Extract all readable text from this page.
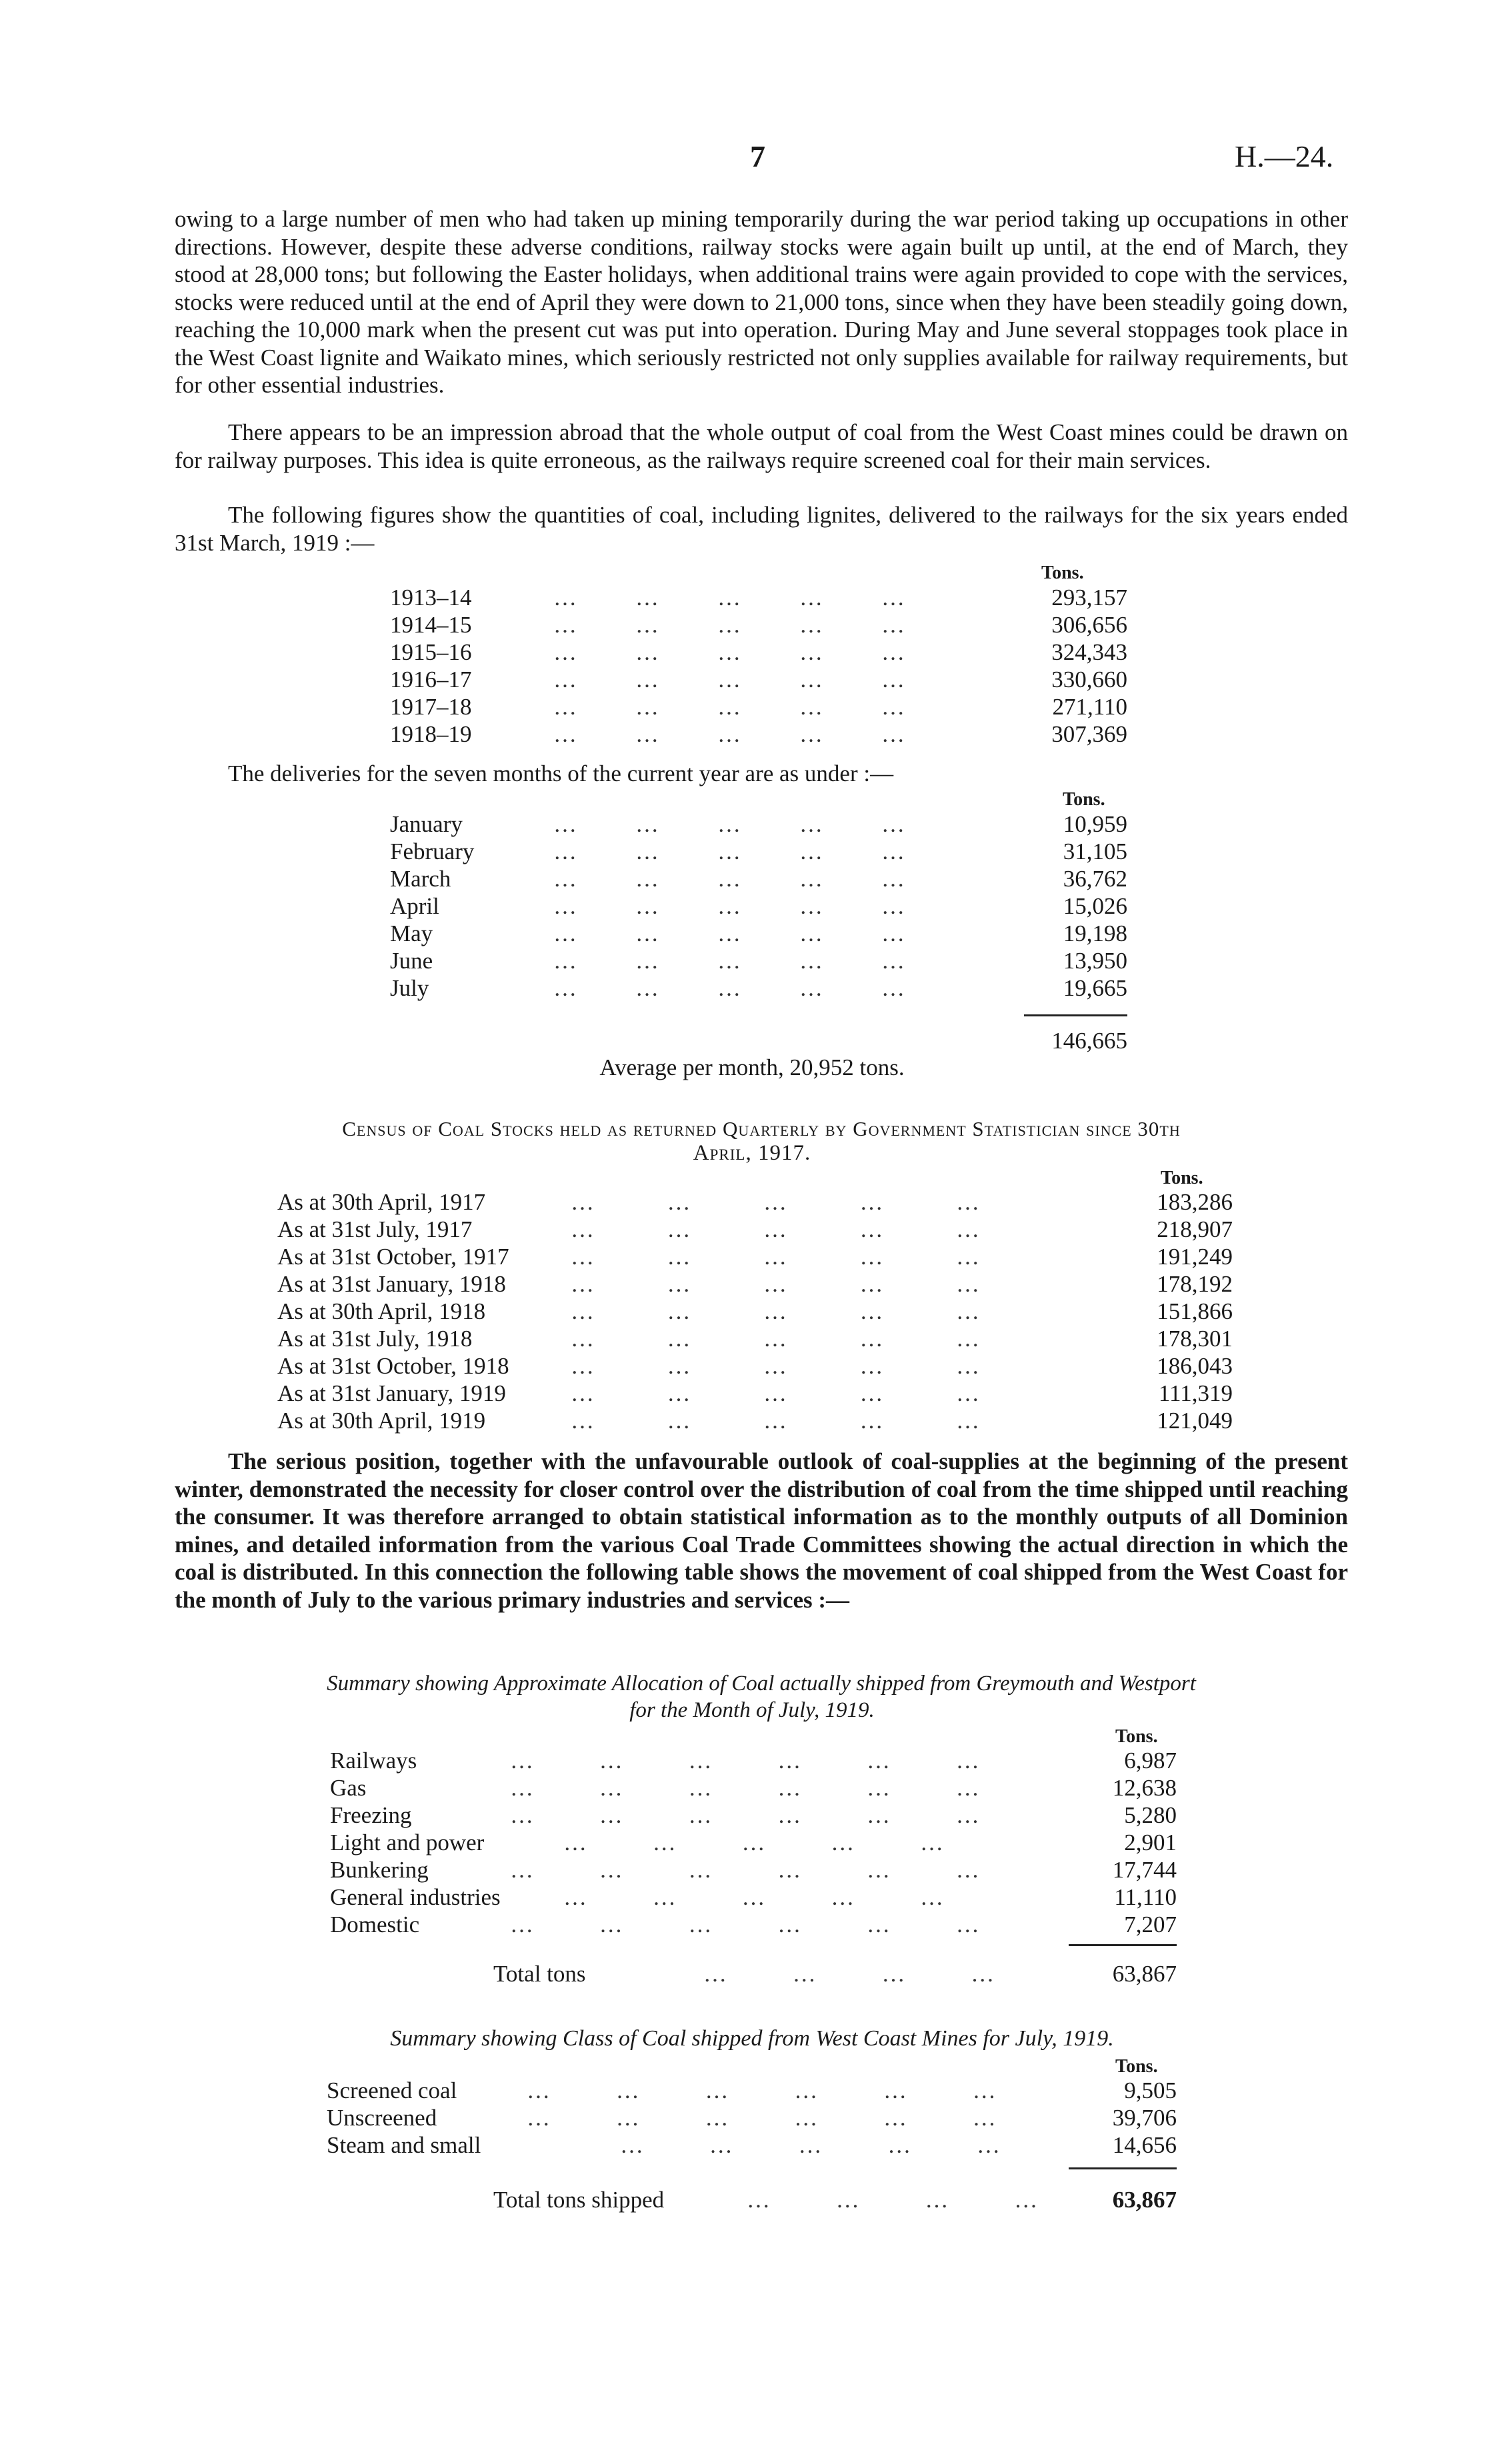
7	H.—24.

owing to a large number of men who had taken up mining temporarily during the war period taking up occupations in other directions. However, despite these adverse conditions, railway stocks were again built up until, at the end of March, they stood at 28,000 tons; but following the Easter holidays, when additional trains were again provided to cope with the services, stocks were reduced until at the end of April they were down to 21,000 tons, since when they have been steadily going down, reaching the 10,000 mark when the present cut was put into operation. During May and June several stoppages took place in the West Coast lignite and Waikato mines, which seriously restricted not only supplies available for railway requirements, but for other essential industries.

There appears to be an impression abroad that the whole output of coal from the West Coast mines could be drawn on for railway purposes. This idea is quite erroneous, as the railways require screened coal for their main services.

The following figures show the quantities of coal, including lignites, delivered to the railways for the six years ended 31st March, 1919 :—

Tons.
1913–14	…        …        …        …        …	293,157
1914–15	…        …        …        …        …	306,656
1915–16	…        …        …        …        …	324,343
1916–17	…        …        …        …        …	330,660
1917–18	…        …        …        …        …	271,110
1918–19	…        …        …        …        …	307,369

The deliveries for the seven months of the current year are as under :—

Tons.
January	…        …        …        …        …	10,959
February	…        …        …        …        …	31,105
March	…        …        …        …        …	36,762
April	…        …        …        …        …	15,026
May	…        …        …        …        …	19,198
June	…        …        …        …        …	13,950
July	…        …        …        …        …	19,665
146,665
Average per month, 20,952 tons.
Census of Coal Stocks held as returned Quarterly by Government Statistician since 30th
April, 1917.
Tons.
As at 30th April, 1917	…          …          …          …          …	183,286
As at 31st July, 1917	…          …          …          …          …	218,907
As at 31st October, 1917	…          …          …          …          …	191,249
As at 31st January, 1918	…          …          …          …          …	178,192
As at 30th April, 1918	…          …          …          …          …	151,866
As at 31st July, 1918	…          …          …          …          …	178,301
As at 31st October, 1918	…          …          …          …          …	186,043
As at 31st January, 1919	…          …          …          …          …	111,319
As at 30th April, 1919	…          …          …          …          …	121,049

The serious position, together with the unfavourable outlook of coal-supplies at the beginning of the present winter, demonstrated the necessity for closer control over the distribution of coal from the time shipped until reaching the consumer. It was therefore arranged to obtain statistical information as to the monthly outputs of all Dominion mines, and detailed information from the various Coal Trade Committees showing the actual direction in which the coal is distributed. In this connection the following table shows the movement of coal shipped from the West Coast for the month of July to the various primary industries and services :—

Summary showing Approximate Allocation of Coal actually shipped from Greymouth and Westport
for the Month of July, 1919.
Tons.
Railways	…         …         …         …         …         …	6,987
Gas	…         …         …         …         …         …	12,638
Freezing	…         …         …         …         …         …	5,280
Light and power	…         …         …         …         …	2,901
Bunkering	…         …         …         …         …         …	17,744
General industries	…         …         …         …         …	11,110
Domestic	…         …         …         …         …         …	7,207
Total tons	…         …         …         …	63,867
Summary showing Class of Coal shipped from West Coast Mines for July, 1919.
Tons.
Screened coal	…         …         …         …         …         …	9,505
Unscreened	…         …         …         …         …         …	39,706
Steam and small	…         …         …         …         …	14,656
Total tons shipped	…         …         …         …	63,867
